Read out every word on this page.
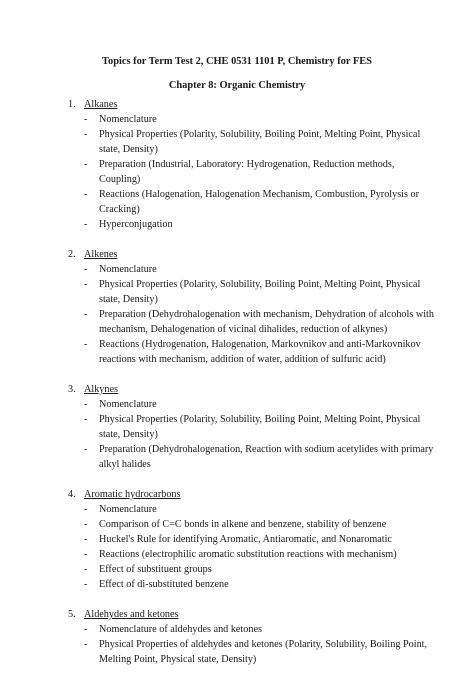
Topics for Term Test 2, CHE 0531 1101 P, Chemistry for FES
Chapter 8: Organic Chemistry
1. Alkanes
-	Nomenclature
-	Physical Properties (Polarity, Solubility, Boiling Point, Melting Point, Physical state, Density)
-	Preparation (Industrial, Laboratory: Hydrogenation, Reduction methods, Coupling)
-	Reactions (Halogenation, Halogenation Mechanism, Combustion, Pyrolysis or Cracking)
-	Hyperconjugation
2. Alkenes
-	Nomenclature
-	Physical Properties (Polarity, Solubility, Boiling Point, Melting Point, Physical state, Density)
-	Preparation (Dehydrohalogenation with mechanism, Dehydration of alcohols with mechanism, Dehalogenation of vicinal dihalides, reduction of alkynes)
-	Reactions (Hydrogenation, Halogenation, Markovnikov and anti-Markovnikov reactions with mechanism, addition of water, addition of sulfuric acid)
3. Alkynes
-	Nomenclature
-	Physical Properties (Polarity, Solubility, Boiling Point, Melting Point, Physical state, Density)
-	Preparation (Dehydrohalogenation, Reaction with sodium acetylides with primary alkyl halides
4. Aromatic hydrocarbons
-	Nomenclature
-	Comparison of C=C bonds in alkene and benzene, stability of benzene
-	Huckel's Rule for identifying Aromatic, Antiaromatic, and Nonaromatic
-	Reactions (electrophilic aromatic substitution reactions with mechanism)
-	Effect of substituent groups
-	Effect of di-substituted benzene
5. Aldehydes and ketones
-	Nomenclature of aldehydes and ketones
-	Physical Properties of aldehydes and ketones (Polarity, Solubility, Boiling Point, Melting Point, Physical state, Density)
